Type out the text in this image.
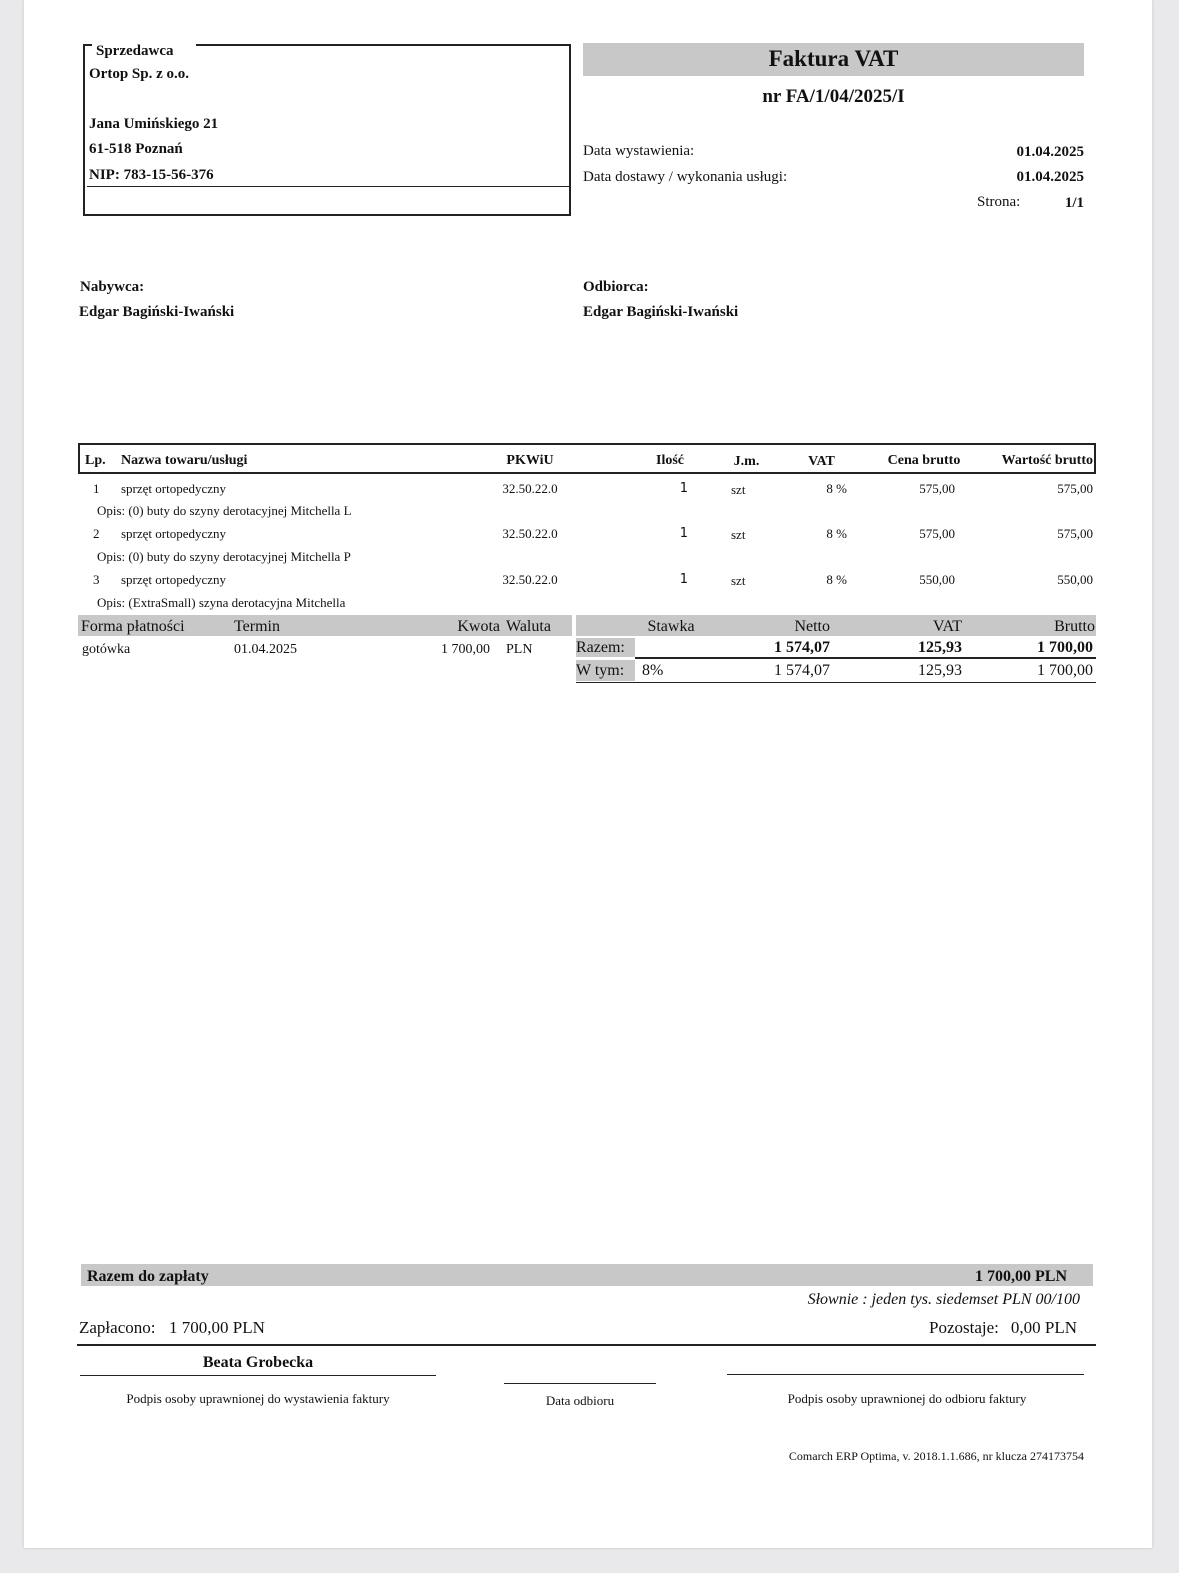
Sprzedawca
Ortop Sp. z o.o.
Jana Umińskiego 21
61-518 Poznań
NIP: 783-15-56-376
Faktura VAT
nr FA/1/04/2025/I
Data wystawienia:	01.04.2025
Data dostawy / wykonania usługi:	01.04.2025
Strona:	1/1
Nabywca:
Edgar Bagiński-Iwański
Odbiorca:
Edgar Bagiński-Iwański
Lp. Nazwa towaru/usługi	PKWiU	Ilość	J.m.	VAT	Cena brutto	Wartość brutto
1 sprzęt ortopedyczny	32.50.22.0	1	szt	8 %	575,00	575,00
Opis: (0) buty do szyny derotacyjnej Mitchella L
2 sprzęt ortopedyczny	32.50.22.0	1	szt	8 %	575,00	575,00
Opis: (0) buty do szyny derotacyjnej Mitchella P
3 sprzęt ortopedyczny	32.50.22.0	1	szt	8 %	550,00	550,00
Opis: (ExtraSmall) szyna derotacyjna Mitchella
Forma płatności	Termin	Kwota Waluta
gotówka	01.04.2025	1 700,00 PLN
Stawka	Netto	VAT	Brutto
Razem:	1 574,07	125,93	1 700,00
W tym: 8%	1 574,07	125,93	1 700,00
Razem do zapłaty	1 700,00 PLN
Słownie : jeden tys. siedemset PLN 00/100
Zapłacono: 1 700,00 PLN	Pozostaje: 0,00 PLN
Beata Grobecka
Podpis osoby uprawnionej do wystawienia faktury	Data odbioru	Podpis osoby uprawnionej do odbioru faktury
Comarch ERP Optima, v. 2018.1.1.686, nr klucza 274173754
